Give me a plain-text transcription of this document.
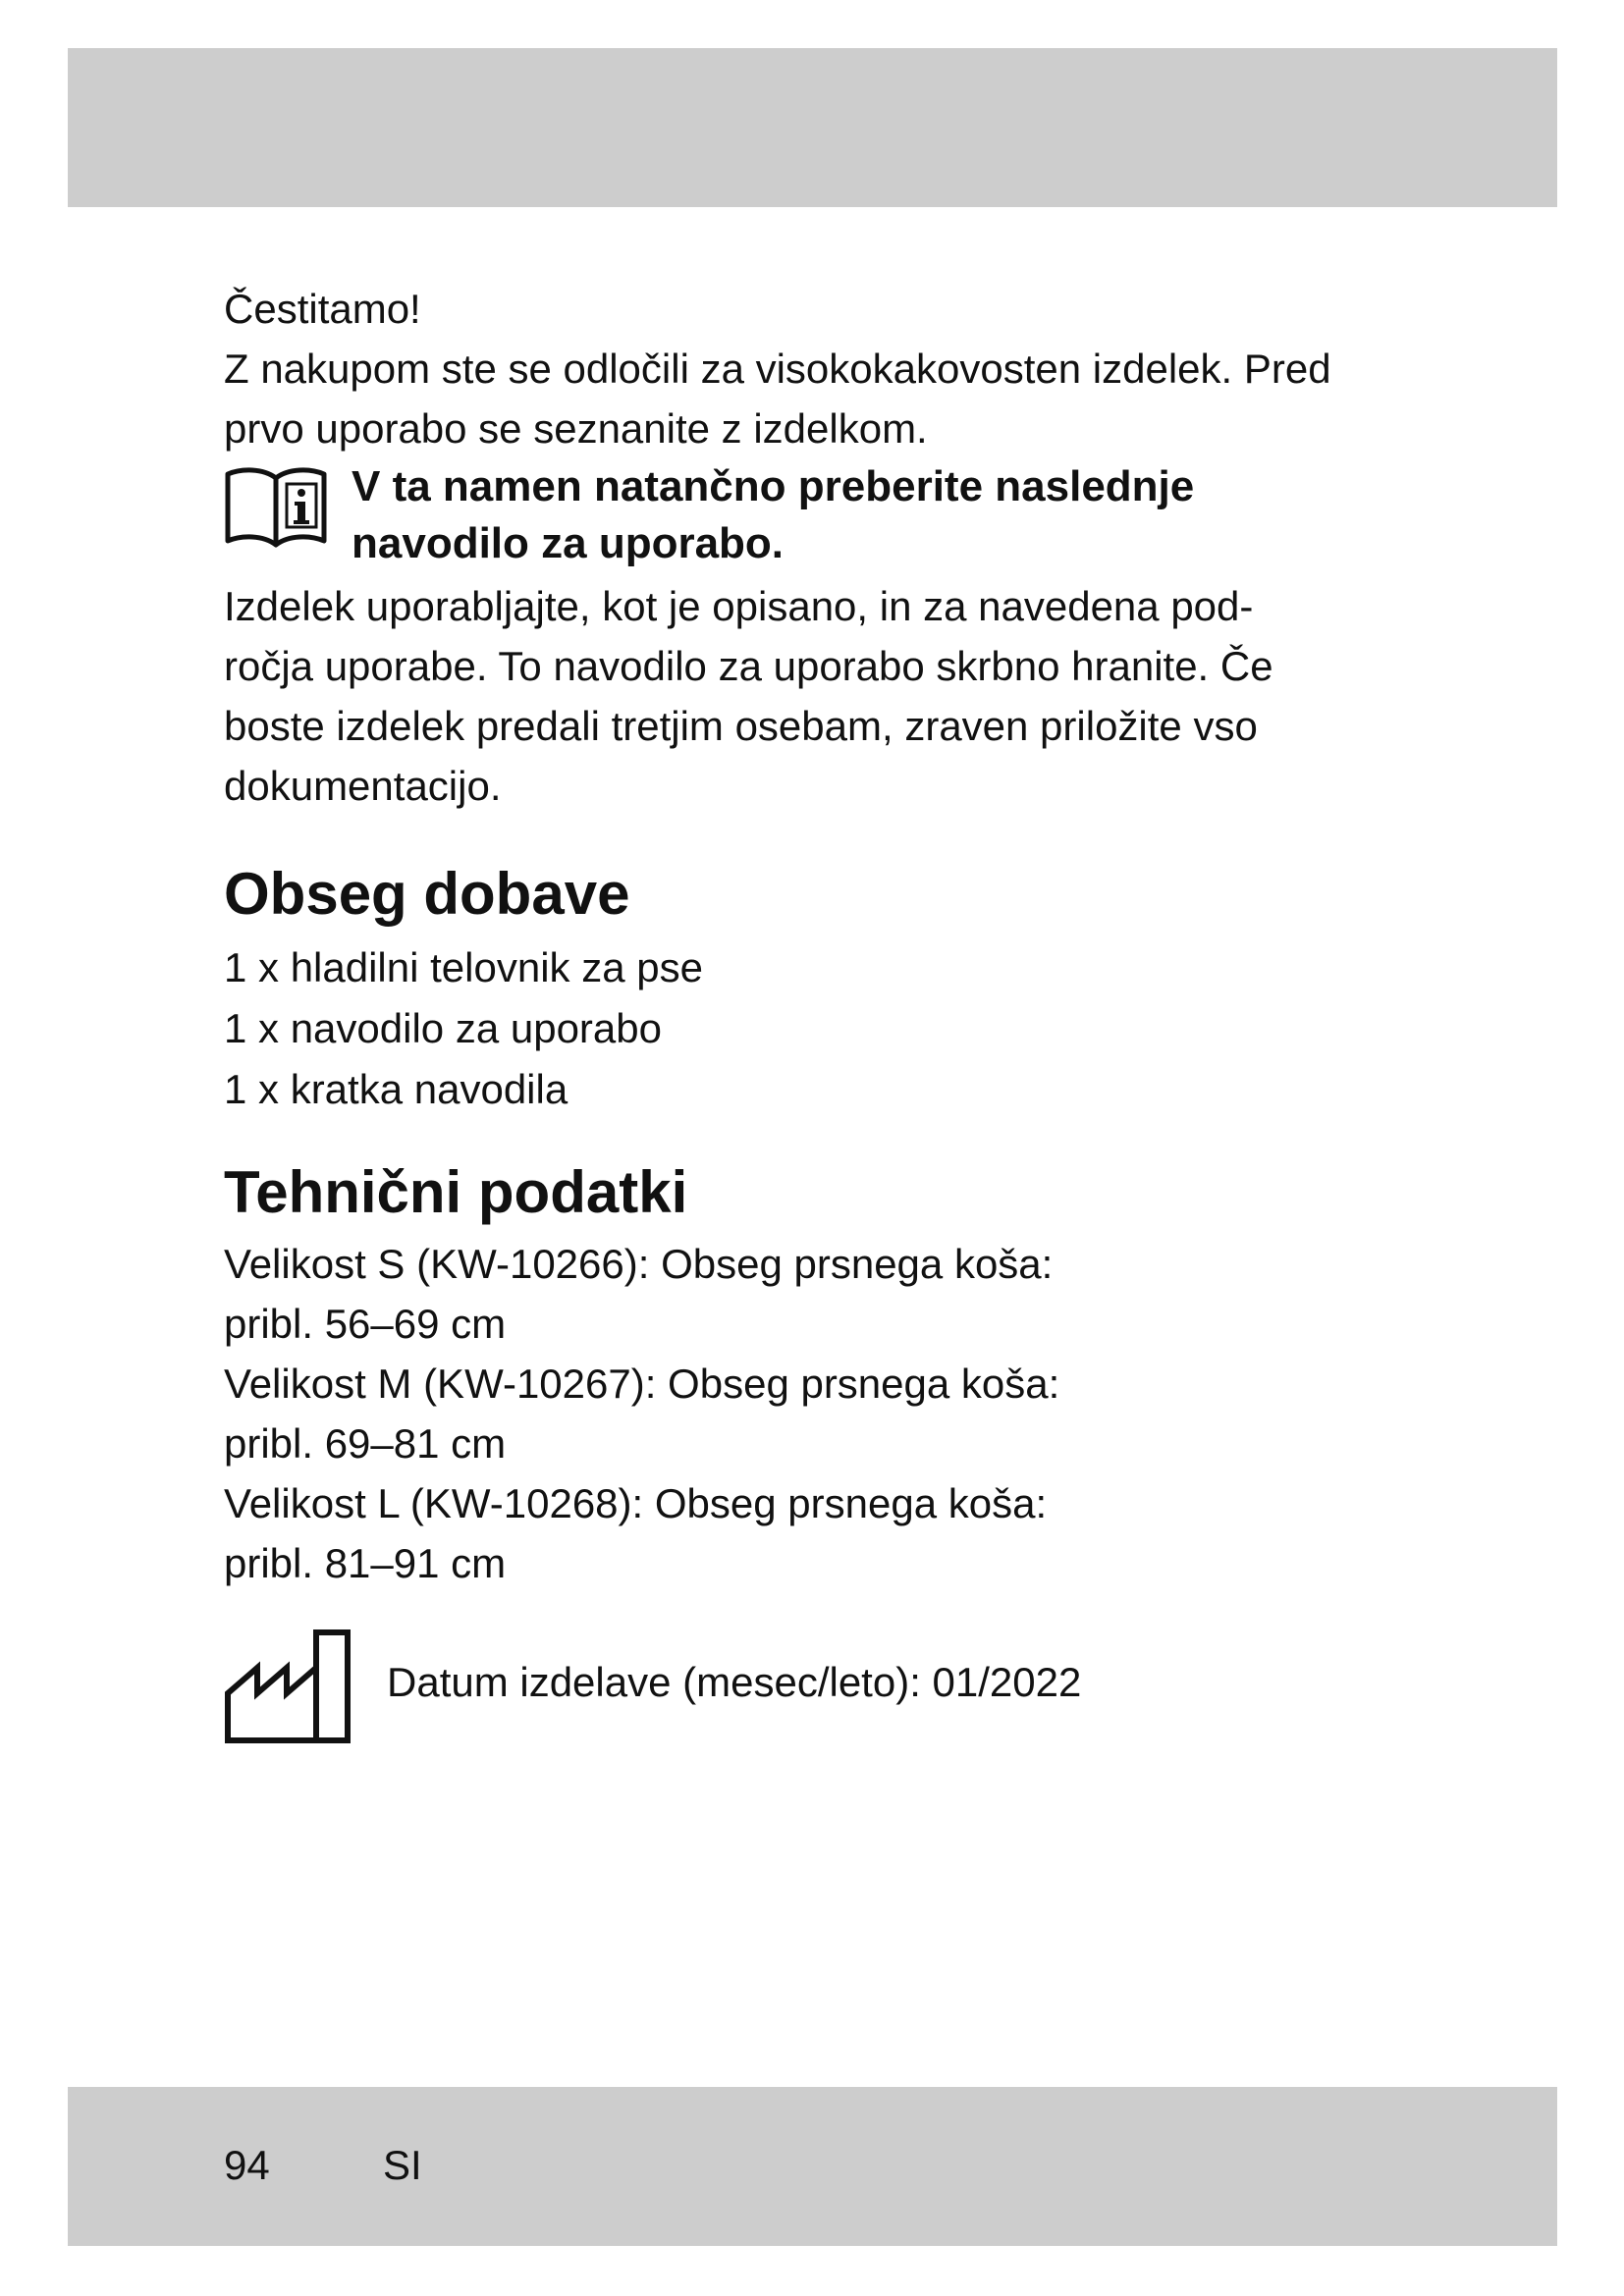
Čestitamo!

Z nakupom ste se odločili za visokokakovosten izdelek. Pred

prvo uporabo se seznanite z izdelkom.

V ta namen natančno preberite naslednje
navodilo za uporabo.

Izdelek uporabljajte, kot je opisano, in za navedena pod-

ročja uporabe. To navodilo za uporabo skrbno hranite. Če

boste izdelek predali tretjim osebam, zraven priložite vso

dokumentacijo.

Obseg dobave

1 x hladilni telovnik za pse

1 x navodilo za uporabo

1 x kratka navodila

Tehnični podatki

Velikost S (KW-10266): Obseg prsnega koša:

pribl. 56–69 cm

Velikost M (KW-10267): Obseg prsnega koša:

pribl. 69–81 cm

Velikost L (KW-10268): Obseg prsnega koša:

pribl. 81–91 cm

Datum izdelave (mesec/leto): 01/2022

94	SI
